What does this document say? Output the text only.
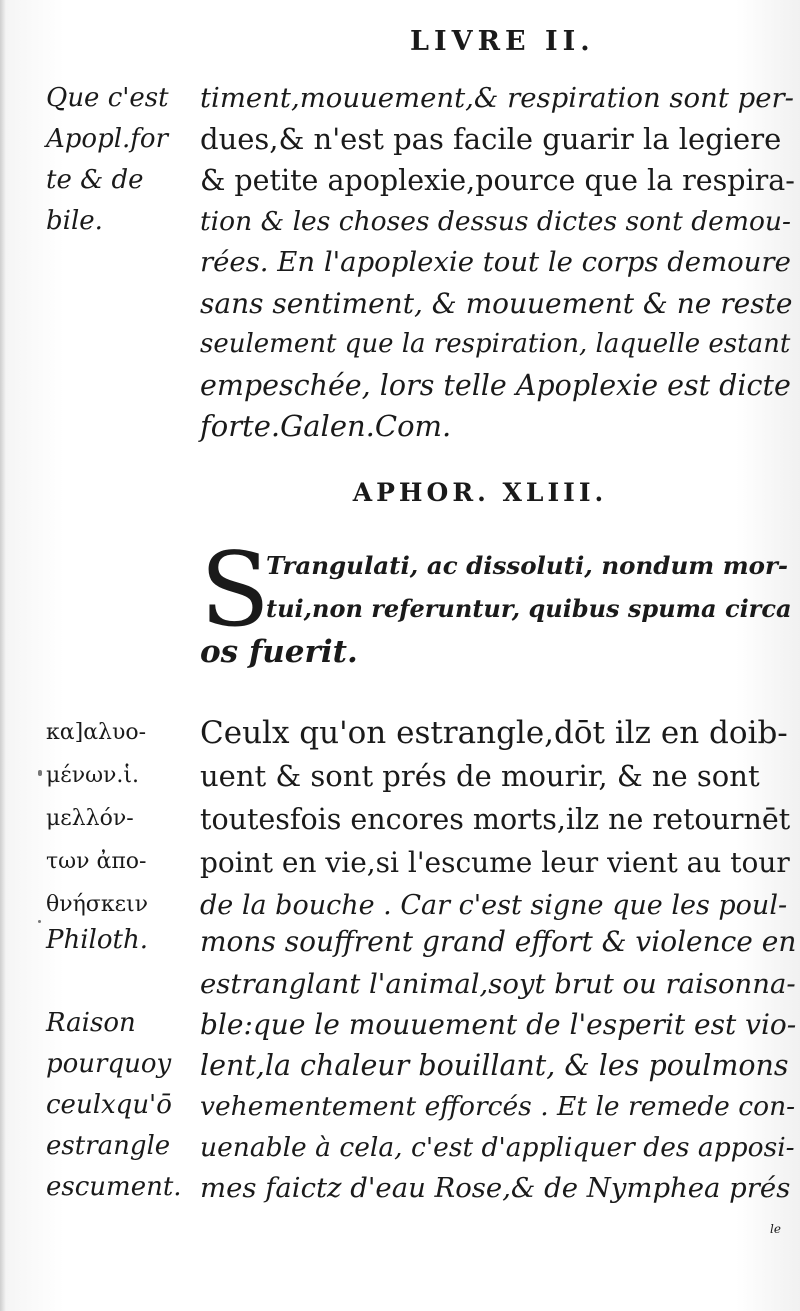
LIVRE II.
Que c'est
Apopl.for
te & de
bile.
timent,mouuement,& respiration sont per-
dues,& n'est pas facile guarir la legiere
& petite apoplexie,pource que la respira-
tion & les choses dessus dictes sont demou-
rées. En l'apoplexie tout le corps demoure
sans sentiment, & mouuement & ne reste
seulement que la respiration, laquelle estant
empeschée, lors telle Apoplexie est dicte
forte.Galen.Com.
APHOR. XLIII.
S
Trangulati, ac dissoluti, nondum mor-
tui,non referuntur, quibus spuma circa
os fuerit.
κα]αλυο-
μένων.ἱ.
μελλόν-
των ἀπο-
θνήσκειν
Philoth.
Raison
pourquoy
ceulxqu'ō
estrangle
escument.
Ceulx qu'on estrangle,dōt ilz en doib-
uent & sont prés de mourir, & ne sont
toutesfois encores morts,ilz ne retournēt
point en vie,si l'escume leur vient au tour
de la bouche . Car c'est signe que les poul-
mons souffrent grand effort & violence en
estranglant l'animal,soyt brut ou raisonna-
ble:que le mouuement de l'esperit est vio-
lent,la chaleur bouillant, & les poulmons
vehementement efforcés . Et le remede con-
uenable à cela, c'est d'appliquer des apposi-
mes faictz d'eau Rose,& de Nymphea prés
le
